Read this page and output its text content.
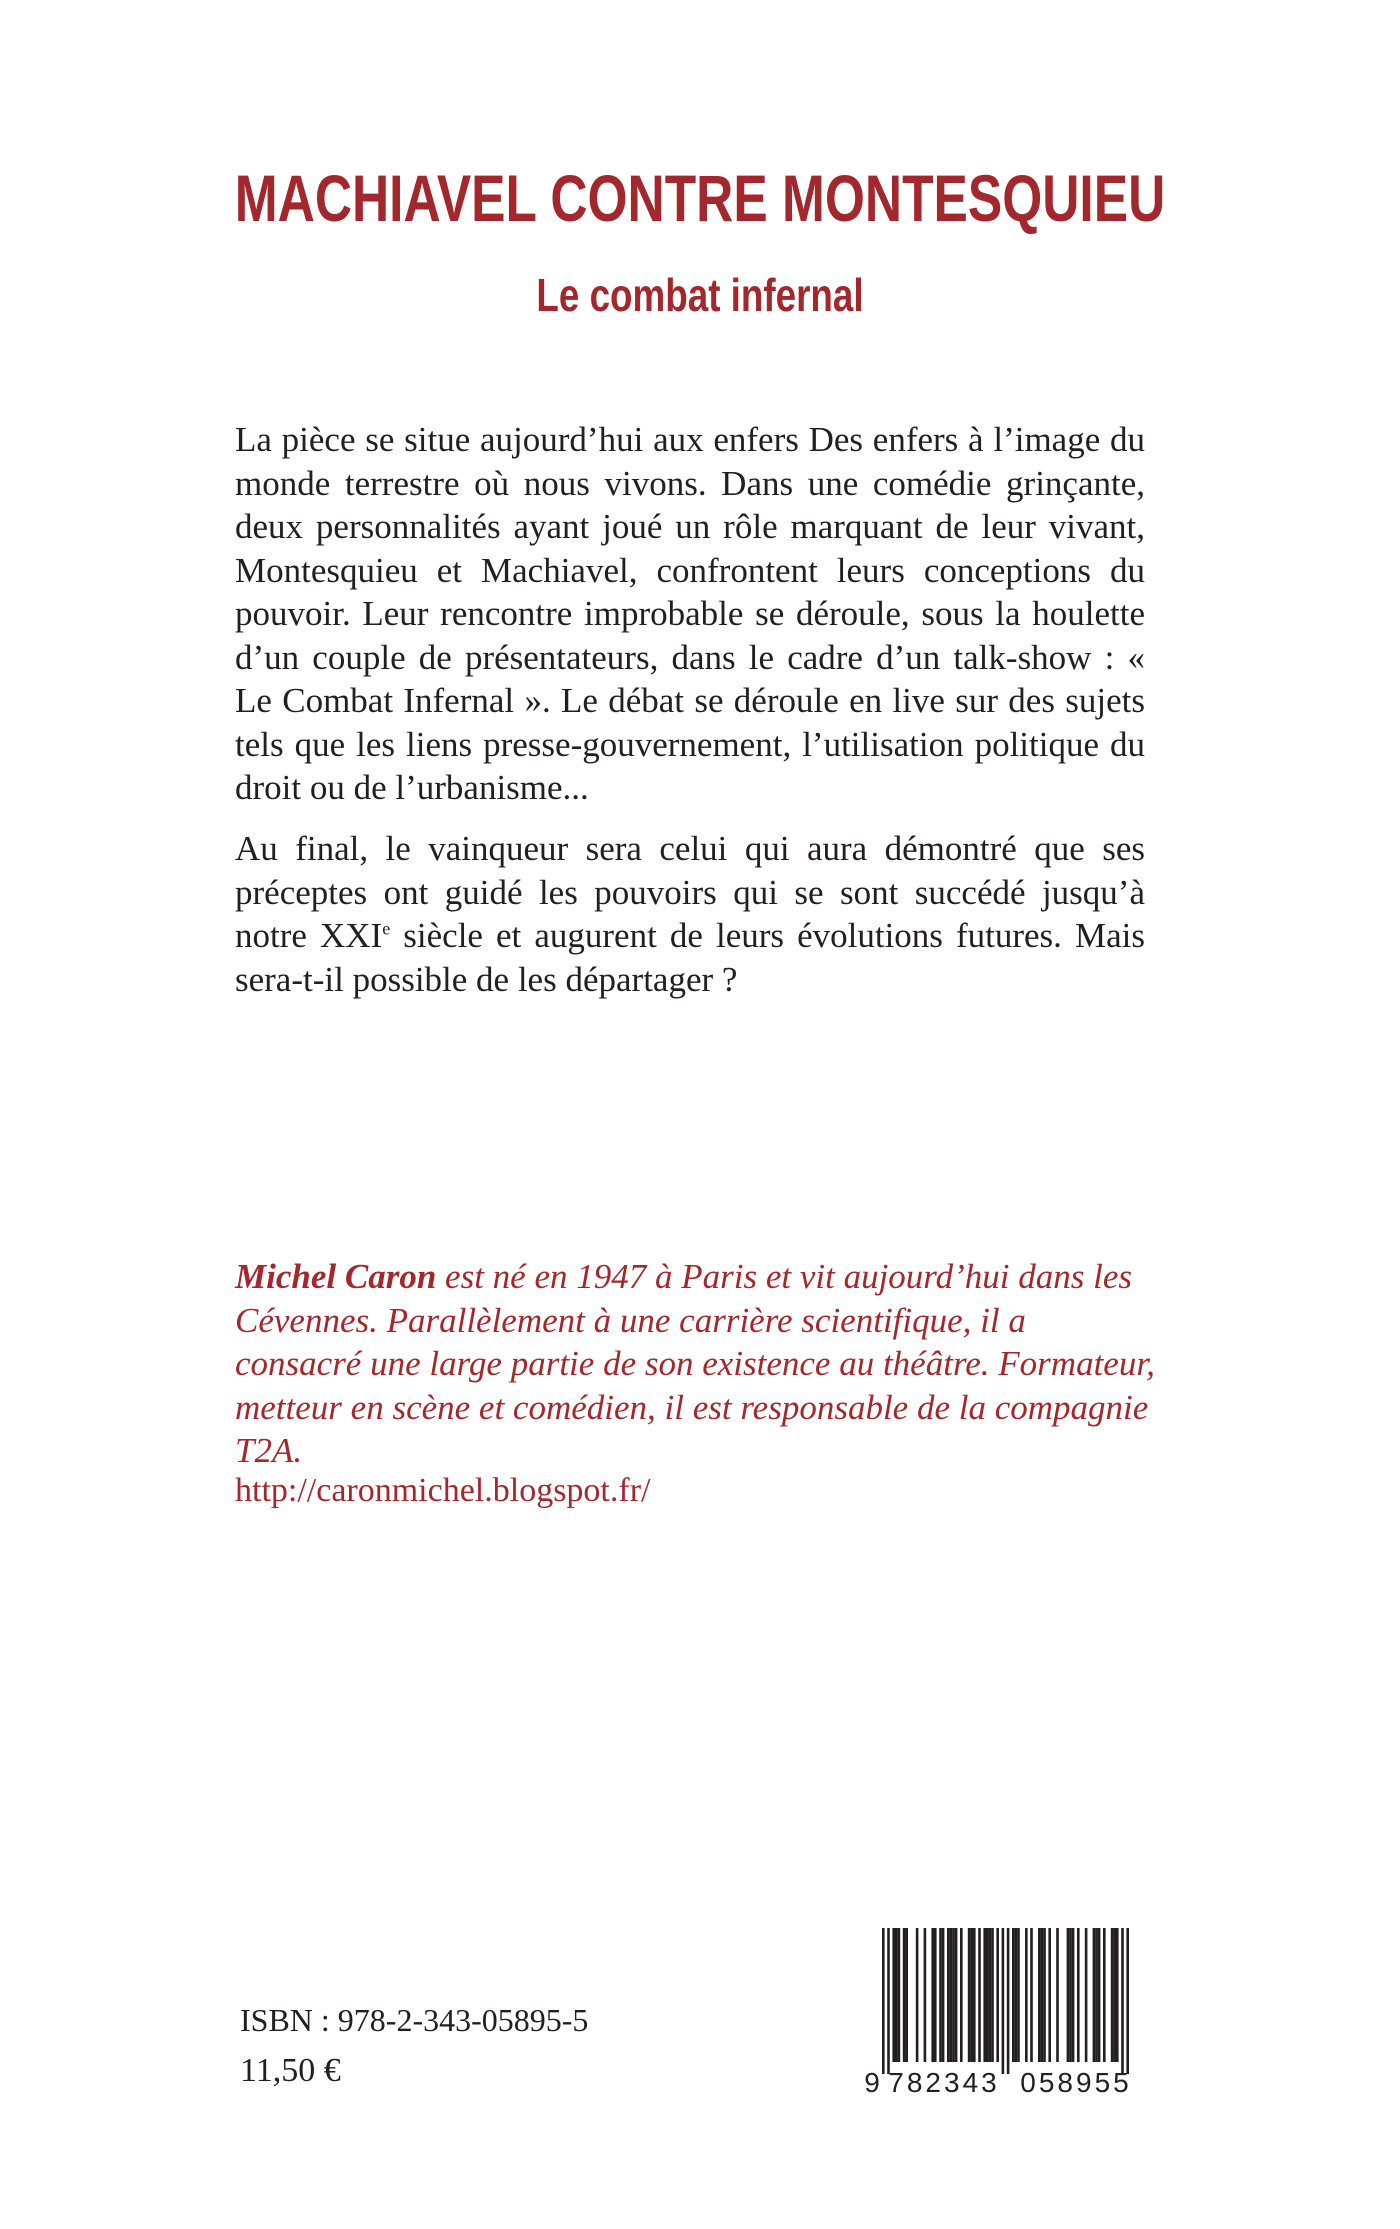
MACHIAVEL CONTRE MONTESQUIEU
Le combat infernal

La pièce se situe aujourd’hui aux enfers Des enfers à l’image du monde terrestre où nous vivons. Dans une comédie grinçante, deux personnalités ayant joué un rôle marquant de leur vivant, Montesquieu et Machiavel, confrontent leurs conceptions du pouvoir. Leur rencontre improbable se déroule, sous la houlette d’un couple de présentateurs, dans le cadre d’un talk-show : « Le Combat Infernal ». Le débat se déroule en live sur des sujets tels que les liens presse-gouvernement, l’utilisation politique du droit ou de l’urbanisme...

Au final, le vainqueur sera celui qui aura démontré que ses préceptes ont guidé les pouvoirs qui se sont succédé jusqu’à notre XXIe siècle et augurent de leurs évolutions futures. Mais sera-t-il possible de les départager ?

Michel Caron est né en 1947 à Paris et vit aujourd’hui dans les Cévennes. Parallèlement à une carrière scientifique, il a consacré une large partie de son existence au théâtre. Formateur, metteur en scène et comédien, il est responsable de la compagnie T2A.

http://caronmichel.blogspot.fr/

ISBN : 978-2-343-05895-5

11,50 €	9 782343 058955
